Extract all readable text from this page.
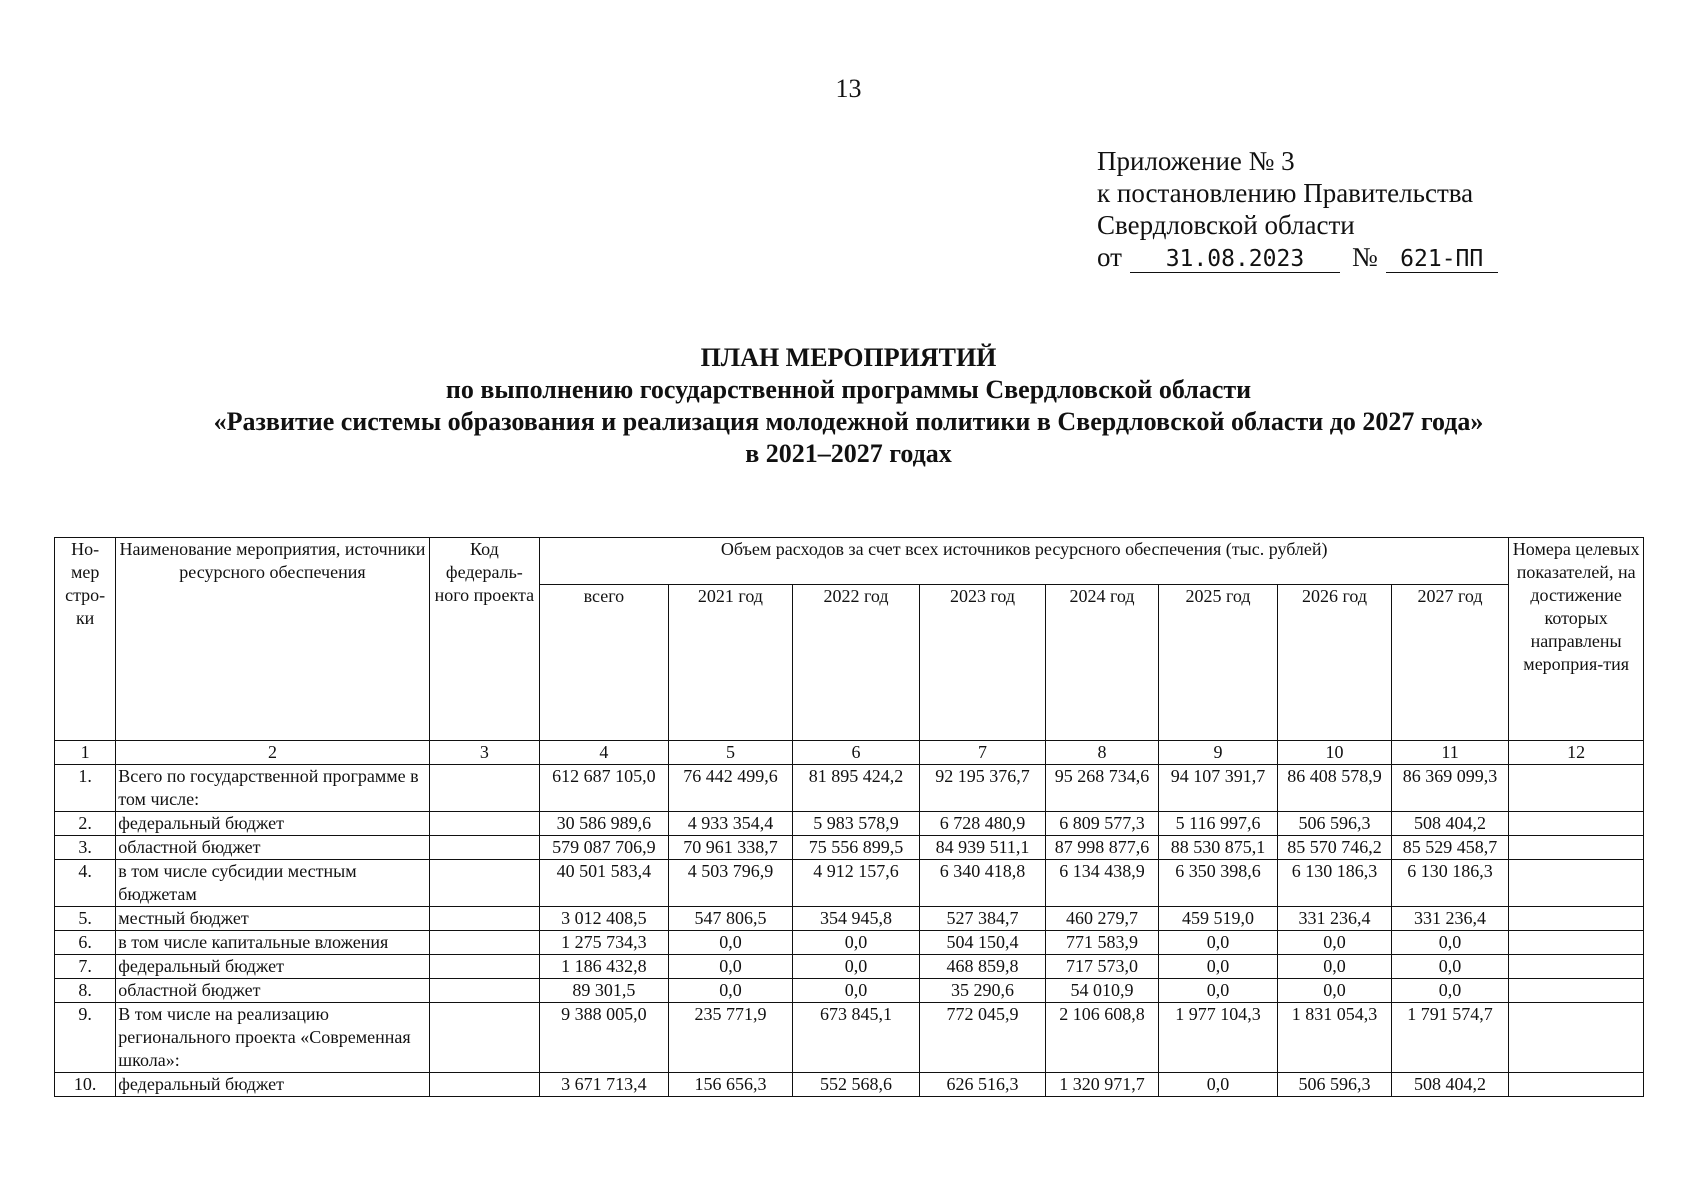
13
Приложение № 3
к постановлению Правительства
Свердловской области
от 31.08.2023 № 621-ПП
ПЛАН МЕРОПРИЯТИЙ
по выполнению государственной программы Свердловской области
«Развитие системы образования и реализация молодежной политики в Свердловской области до 2027 года»
в 2021–2027 годах
Но-мер стро-ки	Наименование мероприятия, источники ресурсного обеспечения	Код федераль-ного проекта	Объем расходов за счет всех источников ресурсного обеспечения (тыс. рублей)								Номера целевых показателей, на достижение которых направлены мероприя-тия
			всего	2021 год	2022 год	2023 год	2024 год	2025 год	2026 год	2027 год	
1	2	3	4	5	6	7	8	9	10	11	12
1.	Всего по государственной программе в том числе:		612 687 105,0	76 442 499,6	81 895 424,2	92 195 376,7	95 268 734,6	94 107 391,7	86 408 578,9	86 369 099,3	
2.	федеральный бюджет		30 586 989,6	4 933 354,4	5 983 578,9	6 728 480,9	6 809 577,3	5 116 997,6	506 596,3	508 404,2	
3.	областной бюджет		579 087 706,9	70 961 338,7	75 556 899,5	84 939 511,1	87 998 877,6	88 530 875,1	85 570 746,2	85 529 458,7	
4.	в том числе субсидии местным бюджетам		40 501 583,4	4 503 796,9	4 912 157,6	6 340 418,8	6 134 438,9	6 350 398,6	6 130 186,3	6 130 186,3	
5.	местный бюджет		3 012 408,5	547 806,5	354 945,8	527 384,7	460 279,7	459 519,0	331 236,4	331 236,4	
6.	в том числе капитальные вложения		1 275 734,3	0,0	0,0	504 150,4	771 583,9	0,0	0,0	0,0	
7.	федеральный бюджет		1 186 432,8	0,0	0,0	468 859,8	717 573,0	0,0	0,0	0,0	
8.	областной бюджет		89 301,5	0,0	0,0	35 290,6	54 010,9	0,0	0,0	0,0	
9.	В том числе на реализацию регионального проекта «Современная школа»:		9 388 005,0	235 771,9	673 845,1	772 045,9	2 106 608,8	1 977 104,3	1 831 054,3	1 791 574,7	
10.	федеральный бюджет		3 671 713,4	156 656,3	552 568,6	626 516,3	1 320 971,7	0,0	506 596,3	508 404,2	
